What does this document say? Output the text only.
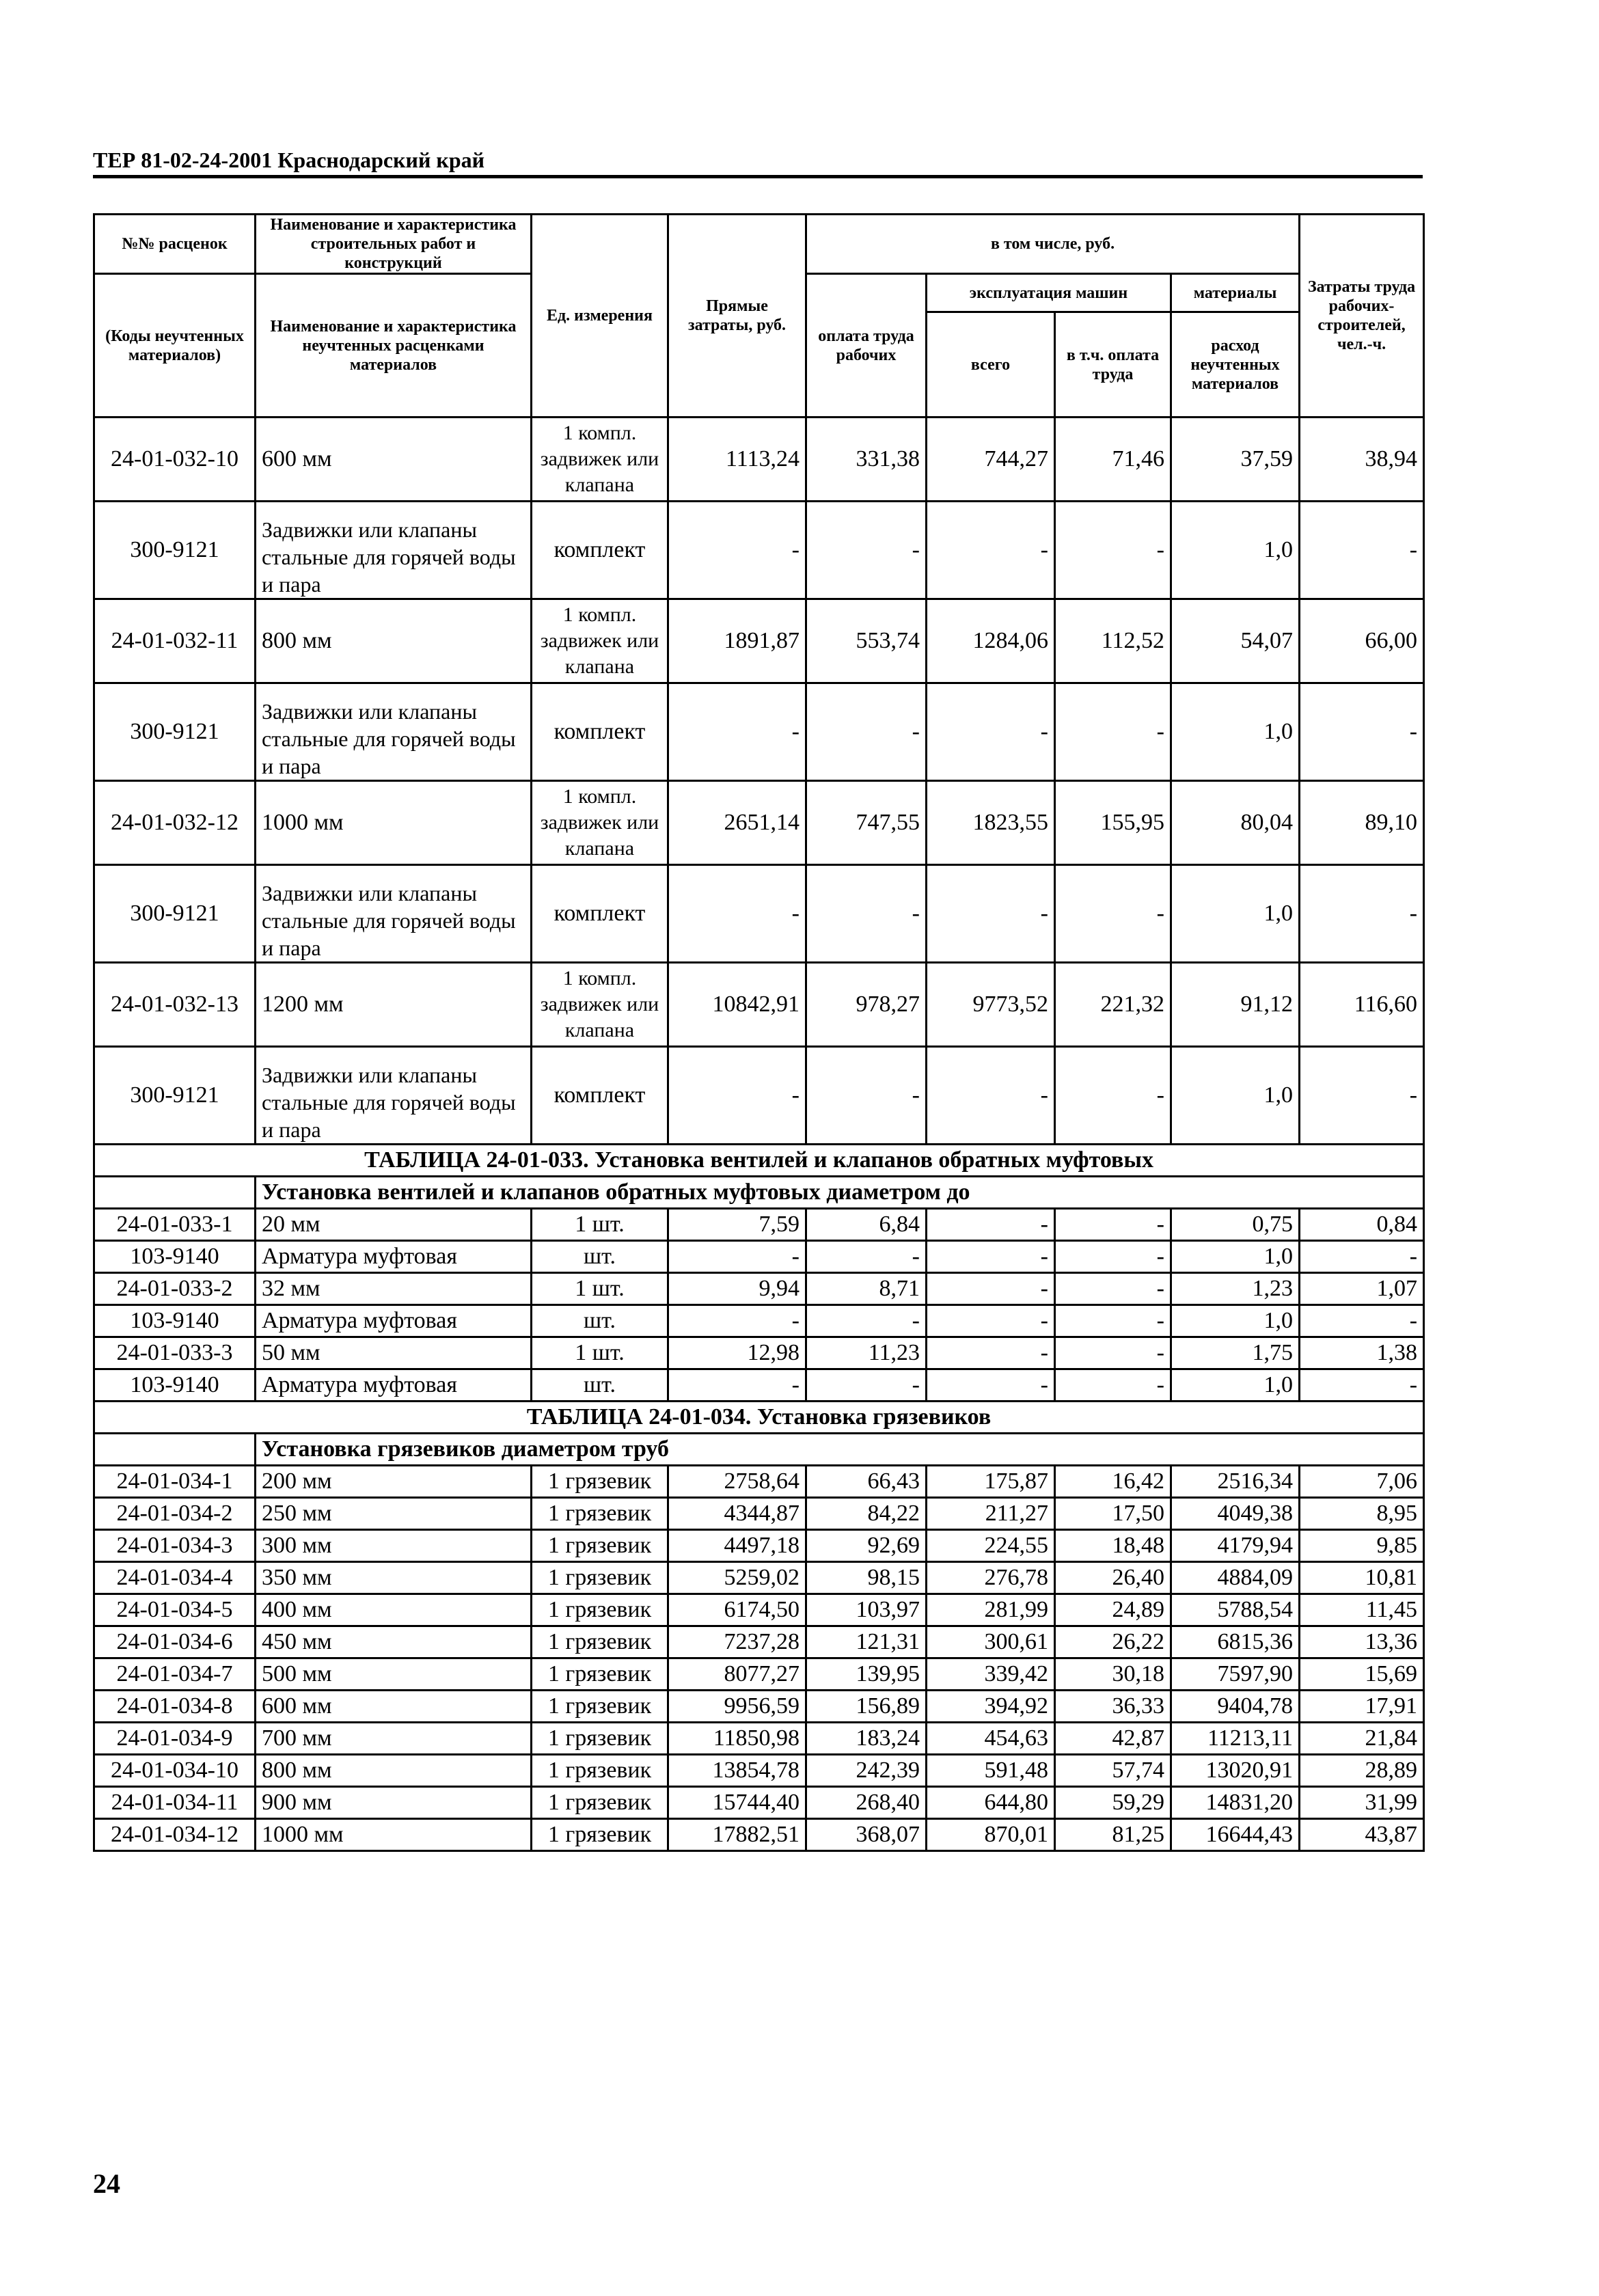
ТЕР 81-02-24-2001 Краснодарский край
№№ расценок	Наименование и характеристика строительных работ и конструкций	Ед. измерения	Прямые затраты, руб.	в том числе, руб.				Затраты труда рабочих-строителей, чел.-ч.
(Коды неучтенных материалов)	Наименование и характеристика неучтенных расценками материалов			оплата труда рабочих	эксплуатация машин		материалы	
					всего	в т.ч. оплата труда	расход неучтенных материалов	

24-01-032-10	600 мм	1 компл. задвижек или клапана	1113,24	331,38	744,27	71,46	37,59	38,94
300-9121	Задвижки или клапаны стальные для горячей воды и пара	комплект	-	-	-	-	1,0	-
24-01-032-11	800 мм	1 компл. задвижек или клапана	1891,87	553,74	1284,06	112,52	54,07	66,00
300-9121	Задвижки или клапаны стальные для горячей воды и пара	комплект	-	-	-	-	1,0	-
24-01-032-12	1000 мм	1 компл. задвижек или клапана	2651,14	747,55	1823,55	155,95	80,04	89,10
300-9121	Задвижки или клапаны стальные для горячей воды и пара	комплект	-	-	-	-	1,0	-
24-01-032-13	1200 мм	1 компл. задвижек или клапана	10842,91	978,27	9773,52	221,32	91,12	116,60
300-9121	Задвижки или клапаны стальные для горячей воды и пара	комплект	-	-	-	-	1,0	-
ТАБЛИЦА 24-01-033. Установка вентилей и клапанов обратных муфтовых								
	Установка вентилей и клапанов обратных муфтовых диаметром до							
24-01-033-1	20 мм	1 шт.	7,59	6,84	-	-	0,75	0,84
103-9140	Арматура муфтовая	шт.	-	-	-	-	1,0	-
24-01-033-2	32 мм	1 шт.	9,94	8,71	-	-	1,23	1,07
103-9140	Арматура муфтовая	шт.	-	-	-	-	1,0	-
24-01-033-3	50 мм	1 шт.	12,98	11,23	-	-	1,75	1,38
103-9140	Арматура муфтовая	шт.	-	-	-	-	1,0	-
ТАБЛИЦА 24-01-034. Установка грязевиков								
	Установка грязевиков диаметром труб							
24-01-034-1	200 мм	1 грязевик	2758,64	66,43	175,87	16,42	2516,34	7,06
24-01-034-2	250 мм	1 грязевик	4344,87	84,22	211,27	17,50	4049,38	8,95
24-01-034-3	300 мм	1 грязевик	4497,18	92,69	224,55	18,48	4179,94	9,85
24-01-034-4	350 мм	1 грязевик	5259,02	98,15	276,78	26,40	4884,09	10,81
24-01-034-5	400 мм	1 грязевик	6174,50	103,97	281,99	24,89	5788,54	11,45
24-01-034-6	450 мм	1 грязевик	7237,28	121,31	300,61	26,22	6815,36	13,36
24-01-034-7	500 мм	1 грязевик	8077,27	139,95	339,42	30,18	7597,90	15,69
24-01-034-8	600 мм	1 грязевик	9956,59	156,89	394,92	36,33	9404,78	17,91
24-01-034-9	700 мм	1 грязевик	11850,98	183,24	454,63	42,87	11213,11	21,84
24-01-034-10	800 мм	1 грязевик	13854,78	242,39	591,48	57,74	13020,91	28,89
24-01-034-11	900 мм	1 грязевик	15744,40	268,40	644,80	59,29	14831,20	31,99
24-01-034-12	1000 мм	1 грязевик	17882,51	368,07	870,01	81,25	16644,43	43,87
24
